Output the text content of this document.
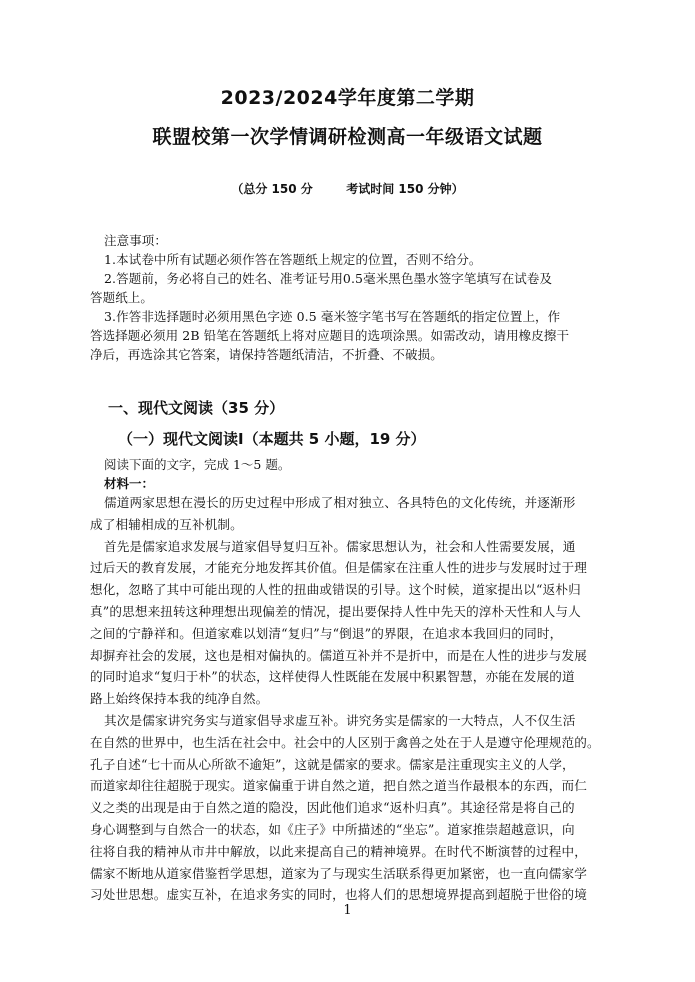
2023/2024学年度第二学期
联盟校第一次学情调研检测高一年级语文试题
（总分 150 分        考试时间 150 分钟）
注意事项：
1.本试卷中所有试题必须作答在答题纸上规定的位置，否则不给分。
2.答题前，务必将自己的姓名、准考证号用0.5毫米黑色墨水签字笔填写在试卷及
答题纸上。
3.作答非选择题时必须用黑色字迹 0.5 毫米签字笔书写在答题纸的指定位置上，作
答选择题必须用 2B 铅笔在答题纸上将对应题目的选项涂黑。如需改动，请用橡皮擦干
净后，再选涂其它答案，请保持答题纸清洁，不折叠、不破损。
一、现代文阅读（35 分）
（一）现代文阅读Ⅰ（本题共 5 小题，19 分）
阅读下面的文字，完成 1～5 题。
材料一：
儒道两家思想在漫长的历史过程中形成了相对独立、各具特色的文化传统，并逐渐形
成了相辅相成的互补机制。
首先是儒家追求发展与道家倡导复归互补。儒家思想认为，社会和人性需要发展，通
过后天的教育发展，才能充分地发挥其价值。但是儒家在注重人性的进步与发展时过于理
想化，忽略了其中可能出现的人性的扭曲或错误的引导。这个时候，道家提出以“返朴归
真”的思想来扭转这种理想出现偏差的情况，提出要保持人性中先天的淳朴天性和人与人
之间的宁静祥和。但道家难以划清“复归”与“倒退”的界限，在追求本我回归的同时，
却摒弃社会的发展，这也是相对偏执的。儒道互补并不是折中，而是在人性的进步与发展
的同时追求“复归于朴”的状态，这样使得人性既能在发展中积累智慧，亦能在发展的道
路上始终保持本我的纯净自然。
其次是儒家讲究务实与道家倡导求虚互补。讲究务实是儒家的一大特点，人不仅生活
在自然的世界中，也生活在社会中。社会中的人区别于禽兽之处在于人是遵守伦理规范的。
孔子自述“七十而从心所欲不逾矩”，这就是儒家的要求。儒家是注重现实主义的人学，
而道家却往往超脱于现实。道家偏重于讲自然之道，把自然之道当作最根本的东西，而仁
义之类的出现是由于自然之道的隐没，因此他们追求“返朴归真”。其途径常是将自己的
身心调整到与自然合一的状态，如《庄子》中所描述的“坐忘”。道家推崇超越意识，向
往将自我的精神从市井中解放，以此来提高自己的精神境界。在时代不断演替的过程中，
儒家不断地从道家借鉴哲学思想，道家为了与现实生活联系得更加紧密，也一直向儒家学
习处世思想。虚实互补，在追求务实的同时，也将人们的思想境界提高到超脱于世俗的境
1
